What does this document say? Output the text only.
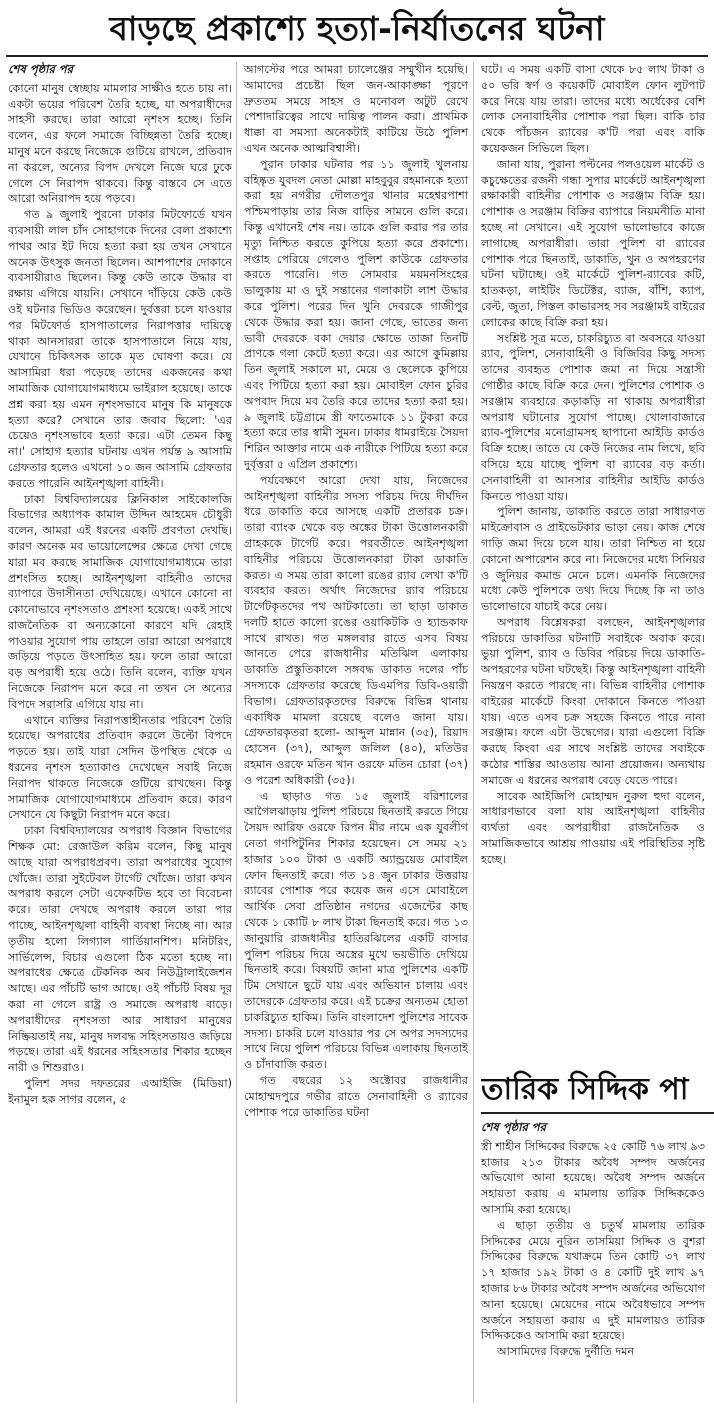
বাড়ছে প্রকাশ্যে হত্যা-নির্যাতনের ঘটনা
শেষ পৃষ্ঠার পর

কোনো মানুষ স্বেচ্ছায় মামলার সাক্ষীও হতে চায় না। একটা ভয়ের পরিবেশ তৈরি হচ্ছে, যা অপরাধীদের সাহসী করছে। তারা আরো নৃশংস হচ্ছে। তিনি বলেন, এর ফলে সমাজে বিচ্ছিন্নতা তৈরি হচ্ছে। মানুষ মনে করছে নিজেকে গুটিয়ে রাখলে, প্রতিবাদ না করলে, অন্যের বিপদ দেখলে নিজে ঘরে ঢুকে গেলে সে নিরাপদ থাকবে। কিন্তু বাস্তবে সে এতে আরো অনিরাপদ হয়ে পড়বে।

গত ৯ জুলাই পুরনো ঢাকার মিটফোর্ডে যখন ব্যবসায়ী লাল চাঁদ সোহাগকে দিনের বেলা প্রকাশ্যে পাথর আর ইট দিয়ে হত্যা করা হয় তখন সেখানে অনেক উৎসুক জনতা ছিলেন। আশপাশের দোকানে ব্যবসায়ীরাও ছিলেন। কিন্তু কেউ তাকে উদ্ধার বা রক্ষায় এগিয়ে যায়নি। সেখানে দাঁড়িয়ে কেউ কেউ ওই ঘটনার ভিডিও করেছেন। দুর্বত্তরা চলে যাওয়ার পর মিটফোর্ড হাসপাতালের নিরাপত্তার দায়িত্বে থাকা আনসাররা তাকে হাসপাতালে নিয়ে যায়, যেখানে চিকিৎসক তাকে মৃত ঘোষণা করে। যে আসামিরা ধরা পড়েছে তাদের একজনের কথা সামাজিক যোগাযোগমাধ্যমে ভাইরাল হয়েছে। তাকে প্রশ্ন করা হয় এমন নৃশংসভাবে মানুষ কি মানুষকে হত্যা করে? সেখানে তার জবাব ছিলো: 'এর চেয়েও নৃশংসভাবে হত্যা করে। এটা তেমন কিছু না।' সোহাগ হত্যার ঘটনায় এখন পর্যন্ত ৯ আসামি গ্রেফতার হলেও এখনো ১০ জন আসামি গ্রেফতার করতে পারেনি আইনশৃঙ্খলা বাহিনী।

ঢাকা বিশ্ববিদ্যালয়ের ক্লিনিকাল সাইকোলজি বিভাগের অধ্যাপক কামাল উদ্দিন আহমেদ চৌধুরী বলেন, আমরা এই ধরনের একটি প্রবণতা দেখছি। কারণ অনেক মব ভায়োলেন্সের ক্ষেত্রে দেখা গেছে যারা মব করছে সামাজিক যোগাযোগমাধ্যমে তারা প্রশংসিত হচ্ছে। আইনশৃঙ্খলা বাহিনীও তাদের ব্যাপারে উদাসীনতা দেখিয়েছে। এখানে কোনো না কোনোভাবে নৃশংসতাও প্রশংসা হয়েছে। একই সাথে রাজনৈতিক বা অন্যকোনো কারণে যদি রেহাই পাওয়ার সুযোগ পায় তাহলে তারা আরো অপরাধে জড়িয়ে পড়তে উৎসাহিত হয়। ফলে তারা আরো বড় অপরাধী হয়ে ওঠে। তিনি বলেন, ব্যক্তি যখন নিজেকে নিরাপদ মনে করে না তখন সে অন্যের বিপদে সরাসরি এগিয়ে যায় না।

এখানে ব্যক্তির নিরাপত্তাহীনতার পরিবেশ তৈরি হয়েছে। অপরাধের প্রতিবাদ করলে উল্টো বিপদে পড়তে হয়। তাই যারা সেদিন উপস্থিত থেকে এ ধরনের নৃশংস হত্যাকাণ্ড দেখেছেন সবাই নিজে নিরাপদ থাকতে নিজেকে গুটিয়ে রাখছেন। কিন্তু সামাজিক যোগাযোগমাধ্যমে প্রতিবাদ করে। কারণ সেখানে যে কিছুটা নিরাপদ মনে করে।

ঢাকা বিশ্ববিদ্যালয়ের অপরাধ বিজ্ঞান বিভাগের শিক্ষক মো: রেজাউল করিম বলেন, কিছু মানুষ আছে যারা অপরাধপ্রবণ। তারা অপরাধের সুযোগ খোঁজে। তারা সুইটেবল টার্গেট খোঁজে। তারা কখন অপরাধ করলে সেটা এফেকটিভ হবে তা বিবেচনা করে। তারা দেখছে অপরাধ করলে তারা পার পাচ্ছে, আইনশৃঙ্খলা বাহিনী ব্যবস্থা নিচ্ছে না। আর তৃতীয় হলো লিগ্যাল গার্ডিয়ানশিপ। মনিটরিং, সার্ভিলেন্স, বিচার এগুলো ঠিক মতো হচ্ছে না। অপরাধের ক্ষেত্রে টেকনিক অব নিউট্রালাইজেশন আছে। এর পাঁচটি ভাগ আছে। ওই পাঁচটি বিষয় দূর করা না গেলে রাষ্ট্র ও সমাজে অপরাধ বাড়ে। অপরাধীদের নৃশংসতা আর সাধারণ মানুষের নিষ্ক্রিয়তাই নয়, মানুষ দলবদ্ধ সহিংসতায়ও জড়িয়ে পড়ছে। তারা এই ধরনের সহিংসতার শিকার হচ্ছেন নারী ও শিশুরাও।

পুলিশ সদর দফতরের এআইজি (মিডিয়া) ইনামুল হক সাগর বলেন, ৫

আগস্টের পরে আমরা চ্যালেঞ্জের সম্মুখীন হয়েছি। আমাদের প্রচেষ্টা ছিল জন-আকাঙ্ক্ষা পূরণে দ্রুততম সময়ে সাহস ও মনোবল অটুট রেখে পেশাদারিত্বের সাথে দায়িত্ব পালন করা। প্রাথমিক ধাক্কা বা সমস্যা অনেকটাই কাটিয়ে উঠে পুলিশ এখন অনেক আত্মবিশ্বাসী।

পুরান ঢাকার ঘটনার পর ১১ জুলাই খুলনায় বহিষ্কৃত যুবদল নেতা মোল্লা মাহবুবুর রহমানকে হত্যা করা হয় নগরীর দৌলতপুর থানার মহেশ্বরপাশা পশ্চিমপাড়ায় তার নিজ বাড়ির সামনে গুলি করে। কিন্তু এখানেই শেষ নয়। তাকে গুলি করার পর তার মৃত্যু নিশ্চিত করতে কুপিয়ে হত্যা করে প্রকাশ্যে। সপ্তাহ পেরিয়ে গেলেও পুলিশ কাউকে গ্রেফতার করতে পারেনি। গত সোমবার ময়মনসিংহের ভালুকায় মা ও দুই সন্তানের গলাকাটা লাশ উদ্ধার করে পুলিশ। পরের দিন খুনি দেবরকে গাজীপুর থেকে উদ্ধার করা হয়। জানা গেছে, ভাতের জন্য ভাবী দেবরকে বকা দেয়ার ক্ষোভে তাজা তিনটি প্রাণকে গলা কেটে হত্যা করে। এর আগে কুমিল্লায় তিন জুলাই সকালে মা, মেয়ে ও ছেলেকে কুপিয়ে এবং পিটিয়ে হত্যা করা হয়। মোবাইল ফোন চুরির অপবাদ দিয়ে মব তৈরি করে তাদের হত্যা করা হয়। ৯ জুলাই চট্টগ্রামে স্ত্রী ফাতেমাকে ১১ টুকরা করে হত্যা করে তার স্বামী সুমন। ঢাকার ধামরাইয়ে সৈয়দা শিরিন আক্তার নামে এক নারীকে পিটিয়ে হত্যা করে দুর্বৃত্তরা ৫ এপ্রিল প্রকাশ্যে।

পর্যবেক্ষণে আরো দেখা যায়, নিজেদের আইনশৃঙ্খলা বাহিনীর সদস্য পরিচয় দিয়ে দীর্ঘদিন ধরে ডাকাতি করে আসছে একটি প্রতারক চক্র। তারা ব্যাংক থেকে বড় অঙ্কের টাকা উত্তোলনকারী গ্রাহককে টার্গেট করে। পরবর্তীতে আইনশৃঙ্খলা বাহিনীর পরিচয়ে উত্তোলনকারা টাকা ডাকাতি করত। এ সময় তারা কালো রঙের র‌্যাব লেখা ক'টি ব্যবহার করত। অর্থাৎ নিজেদের র‌্যাব পরিচয়ে টার্গেটকৃতদের পথ আটকাতো। তা ছাড়া ডাকাত দলটি হাতে কালো রঙের ওয়াকিটকি ও হ্যান্ডকাফ সাথে রাখত। গত মঙ্গলবার রাতে এসব বিষয় জানতে পেরে রাজধানীর মতিঝিল এলাকায় ডাকাতি প্রস্তুতিকালে সঙ্গবদ্ধ ডাকাত দলের পাঁচ সদস্যকে গ্রেফতার করেছে ডিএমপির ডিবি-ওয়ারী বিভাগ। গ্রেফতারকৃতদের বিরুদ্ধে বিভিন্ন থানায় একাধিক মামলা রয়েছে বলেও জানা যায়। গ্রেফতারকৃতরা হলো- আব্দুল মান্নান (৩৫), রিয়াদ হোসেন (৩৭), আব্দুল জলিল (৪০), মতিউর রহমান ওরফে মতিন খান ওরফে মতিন চোরা (৩৭) ও পরেশ অধিকারী (৩৫)।

এ ছাড়াও গত ১৫ জুলাই বরিশালের আগৈলঝাড়ায় পুলিশ পরিচয়ে ছিনতাই করতে গিয়ে সৈয়দ আরিফ ওরফে রিপন মীর নামে এক যুবলীগ নেতা গণপিটুনির শিকার হয়েছেন। সে সময় ২১ হাজার ১০০ টাকা ও একটি অ্যান্ড্রয়েড মোবাইল ফোন ছিনতাই করে। গত ১৪ জুন ঢাকার উত্তরায় র‌্যাবের পোশাক পরে কয়েক জন এসে মোবাইলে আর্থিক সেবা প্রতিষ্ঠান নগদের এজেন্টের কাছ থেকে ১ কোটি ৮ লাখ টাকা ছিনতাই করে। গত ১৩ জানুয়ারি রাজধানীর হাতিরঝিলের একটি বাসার পুলিশ পরিচয় দিয়ে অস্ত্রের মুখে ভয়ভীতি দেখিয়ে ছিনতাই করে। বিষয়টি জানা মাত্র পুলিশের একটি টিম সেখানে ছুটে যায় এবং অভিযান চালায় এবং তাদেরকে গ্রেফতার করে। এই চক্রের অন্যতম হোতা চাকরিচ্যুত হাকিম। তিনি বাংলাদেশ পুলিশের সাবেক সদস্য। চাকরি চলে যাওয়ার পর সে অপর সদস্যদের সাথে নিয়ে পুলিশ পরিচয়ে বিভিন্ন এলাকায় ছিনতাই ও চাঁদাবাজি করত।

গত বছরের ১২ অক্টোবর রাজধানীর মোহাম্মদপুরে গভীর রাতে সেনাবাহিনী ও র‌্যাবের পোশাক পরে ডাকাতির ঘটনা

ঘটে। এ সময় একটি বাসা থেকে ৮৫ লাখ টাকা ও ৫০ ভরি স্বর্ণ ও কয়েকটি মোবাইল ফোন লুটপাট করে নিয়ে যায় তারা। তাদের মধ্যে অর্ধেকের বেশি লোক সেনাবাহিনীর পোশাক পরা ছিল। বাকি চার থেকে পাঁচজন র‌্যাবের ক'টি পরা এবং বাকি কয়েকজন সিভিলে ছিল।

জানা যায়, পুরানা পল্টনের পলওয়েল মার্কেট ও কচুক্ষেতের রজনী গন্ধা সুপার মার্কেটে আইনশৃঙ্খলা রক্ষাকারী বাহিনীর পোশাক ও সরঞ্জাম বিক্রি হয়। পোশাক ও সরঞ্জাম বিক্রির ব্যাপারে নিয়মনীতি মানা হচ্ছে না সেখানে। এই সুযোগ ভালোভাবে কাজে লাগাচ্ছে অপরাধীরা। তারা পুলিশ বা র‌্যাবের পোশাক পরে ছিনতাই, ডাকাতি, খুন ও অপহরণের ঘটনা ঘটাচ্ছে। ওই মার্কেটে পুলিশ-র‌্যাবের কটি, হাতকড়া, লাইটিং ডিটেক্টর, ব্যাজ, বাঁশি, ক্যাপ, বেল্ট, জুতা, পিস্তল কাভারসহ সব সরঞ্জামই বাইরের লোকের কাছে বিক্রি করা হয়।

সংশ্লিষ্ট সূত্র মতে, চাকরিচ্যুত বা অবসরে যাওয়া র‌্যাব, পুলিশ, সেনাবাহিনী ও বিজিবির কিছু সদস্য তাদের ব্যবহৃত পোশাক জমা না দিয়ে সন্ত্রাসী গোষ্ঠীর কাছে বিক্রি করে দেন। পুলিশের পোশাক ও সরঞ্জাম ব্যবহারে কড়াকড়ি না থাকায় অপরাধীরা অপরাধ ঘটানোর সুযোগ পাচ্ছে। খোলাবাজারে র‌্যাব-পুলিশের মনোগ্রামসহ ছাপানো আইডি কার্ডও বিক্রি হচ্ছে। তাতে যে কেউ নিজের নাম লিখে, ছবি বসিয়ে হয়ে যাচ্ছে পুলিশ বা র‌্যাবের বড় কর্তা। সেনাবাহিনী বা আনসার বাহিনীর আইডি কার্ডও কিনতে পাওয়া যায়।

পুলিশ জানায়, ডাকাতি করতে তারা সাধারণত মাইক্রোবাস ও প্রাইভেটকার ভাড়া নেয়। কাজ শেষে গাড়ি জমা দিয়ে চলে যায়। তারা নিশ্চিত না হয়ে কোনো অপারেশন করে না। নিজেদের মধ্যে সিনিয়র ও জুনিয়র কমান্ড মেনে চলে। এমনকি নিজেদের মধ্যে কেউ পুলিশকে তথ্য দিয়ে দিচ্ছে কি না তাও ভালোভাবে যাচাই করে নেয়।

অপরাধ বিশ্লেষকরা বলছেন, আইনশৃঙ্খলার পরিচয়ে ডাকাতির ঘটনাটি সবাইকে অবাক করে। ভুয়া পুলিশ, র‌্যাব ও ডিবির পরিচয় দিয়ে ডাকাতি-অপহরণের ঘটনা ঘটছেই। কিন্তু আইনশৃঙ্খলা বাহিনী নিয়ন্ত্রণ করতে পারছে না। বিভিন্ন বাহিনীর পোশাক বাইরের মার্কেটে কিংবা দোকানে কিনতে পাওয়া যায়। এতে এসব চক্র সহজে কিনতে পারে নানা সরঞ্জাম। ফলে এটা উদ্বেগের। যারা এগুলো বিক্রি করছে কিংবা এর সাথে সংশ্লিষ্ট তাদের সবাইকে কঠোর শাস্তির আওতায় আনা প্রয়োজন। অন্যথায় সমাজে এ ধরনের অপরাধ বেড়ে যেতে পারে।

সাবেক আইজিপি মোহাম্মদ নুরুল হুদা বলেন, সাধারণভাবে বলা যায় আইনশৃঙ্খলা বাহিনীর ব্যর্থতা এবং অপরাধীরা রাজনৈতিক ও সামাজিকভাবে আশ্রয় পাওয়ায় এই পরিস্থিতির সৃষ্টি হচ্ছে।

তারিক সিদ্দিক পা
শেষ পৃষ্ঠার পর

স্ত্রী শাহীন সিদ্দিকের বিরুদ্ধে ২৫ কোটি ৭৬ লাখ ৯৩ হাজার ২১৩ টাকার অবৈধ সম্পদ অর্জনের অভিযোগ আনা হয়েছে। অবৈধ সম্পদ অর্জনে সহায়তা করায় এ মামলায় তারিক সিদ্দিককেও আসামি করা হয়েছে।

এ ছাড়া তৃতীয় ও চতুর্থ মামলায় তারিক সিদ্দিকের মেয়ে নুরিন তাসমিয়া সিদ্দিক ও বুশরা সিদ্দিকের বিরুদ্ধে যথাক্রমে তিন কোটি ৩৭ লাখ ১৭ হাজার ১৯২ টাকা ও ৪ কোটি দুই লাখ ৯৭ হাজার ৮৬ টাকার অবৈধ সম্পদ অর্জনের অভিযোগ আনা হয়েছে। মেয়েদের নামে অবৈধভাবে সম্পদ অর্জনে সহায়তা করায় এ দুই মামলায়ও তারিক সিদ্দিককেও আসামি করা হয়েছে।

আসামিদের বিরুদ্ধে দুর্নীতি দমন
